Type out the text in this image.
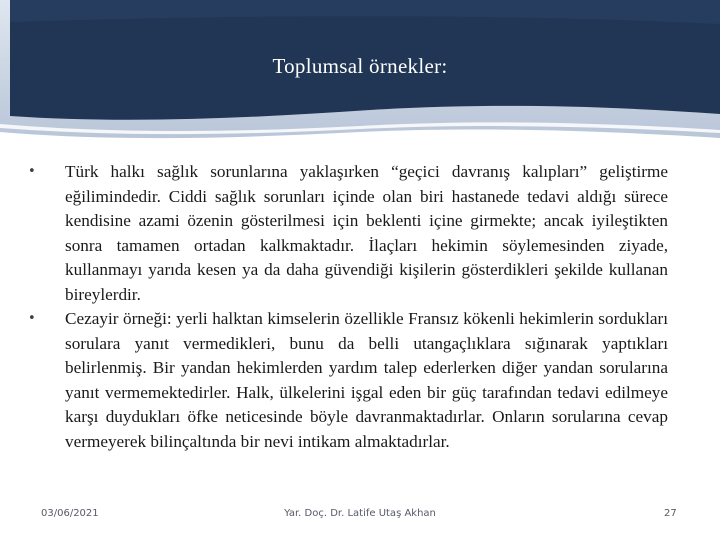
Toplumsal örnekler:
•	Türk halkı sağlık sorunlarına yaklaşırken “geçici davranış kalıpları” geliştirme eğilimindedir. Ciddi sağlık sorunları içinde olan biri hastanede tedavi aldığı sürece kendisine azami özenin gösterilmesi için beklenti içine girmekte; ancak iyileştikten sonra tamamen ortadan kalkmaktadır. İlaçları hekimin söylemesinden ziyade, kullanmayı yarıda kesen ya da daha güvendiği kişilerin gösterdikleri şekilde kullanan bireylerdir.
•	Cezayir örneği: yerli halktan kimselerin özellikle Fransız kökenli hekimlerin sordukları sorulara yanıt vermedikleri, bunu da belli utangaçlıklara sığınarak yaptıkları belirlenmiş. Bir yandan hekimlerden yardım talep ederlerken diğer yandan sorularına yanıt vermemektedirler. Halk, ülkelerini işgal eden bir güç tarafından tedavi edilmeye karşı duydukları öfke neticesinde böyle davranmaktadırlar. Onların sorularına cevap vermeyerek bilinçaltında bir nevi intikam almaktadırlar.
03/06/2021	Yar. Doç. Dr. Latife Utaş Akhan	27
